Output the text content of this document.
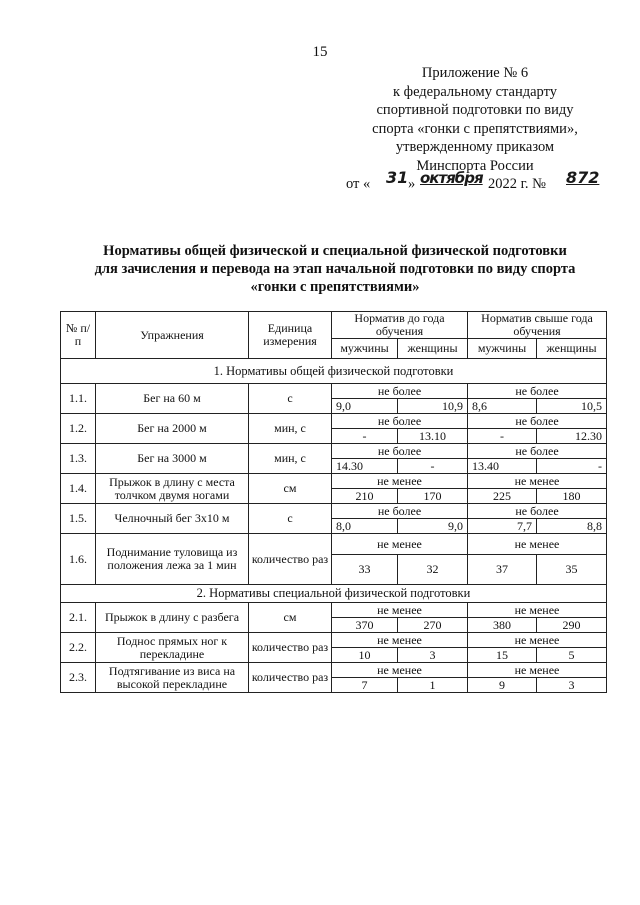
15
Приложение № 6
к федеральному стандарту
спортивной подготовки по виду
спорта «гонки с препятствиями»,
утвержденному приказом
Минспорта России
от « 31 » октября 2022 г. № 872
Нормативы общей физической и специальной физической подготовки
для зачисления и перевода на этап начальной подготовки по виду спорта
«гонки с препятствиями»
№ п/п	Упражнения	Единица измерения	Норматив до года обучения		Норматив свыше года обучения	
			мужчины	женщины	мужчины	женщины
1. Нормативы общей физической подготовки						
1.1.	Бег на 60 м	с	не более		не более	
			9,0	10,9	8,6	10,5
1.2.	Бег на 2000 м	мин, с	не более		не более	
			-	13.10	-	12.30
1.3.	Бег на 3000 м	мин, с	не более		не более	
			14.30	-	13.40	-
1.4.	Прыжок в длину с места толчком двумя ногами	см	не менее		не менее	
			210	170	225	180
1.5.	Челночный бег 3х10 м	с	не более		не более	
			8,0	9,0	7,7	8,8
1.6.	Поднимание туловища из положения лежа за 1 мин	количество раз	не менее		не менее	
			33	32	37	35
2. Нормативы специальной физической подготовки						
2.1.	Прыжок в длину с разбега	см	не менее		не менее	
			370	270	380	290
2.2.	Поднос прямых ног к перекладине	количество раз	не менее		не менее	
			10	3	15	5
2.3.	Подтягивание из виса на высокой перекладине	количество раз	не менее		не менее	
			7	1	9	3
